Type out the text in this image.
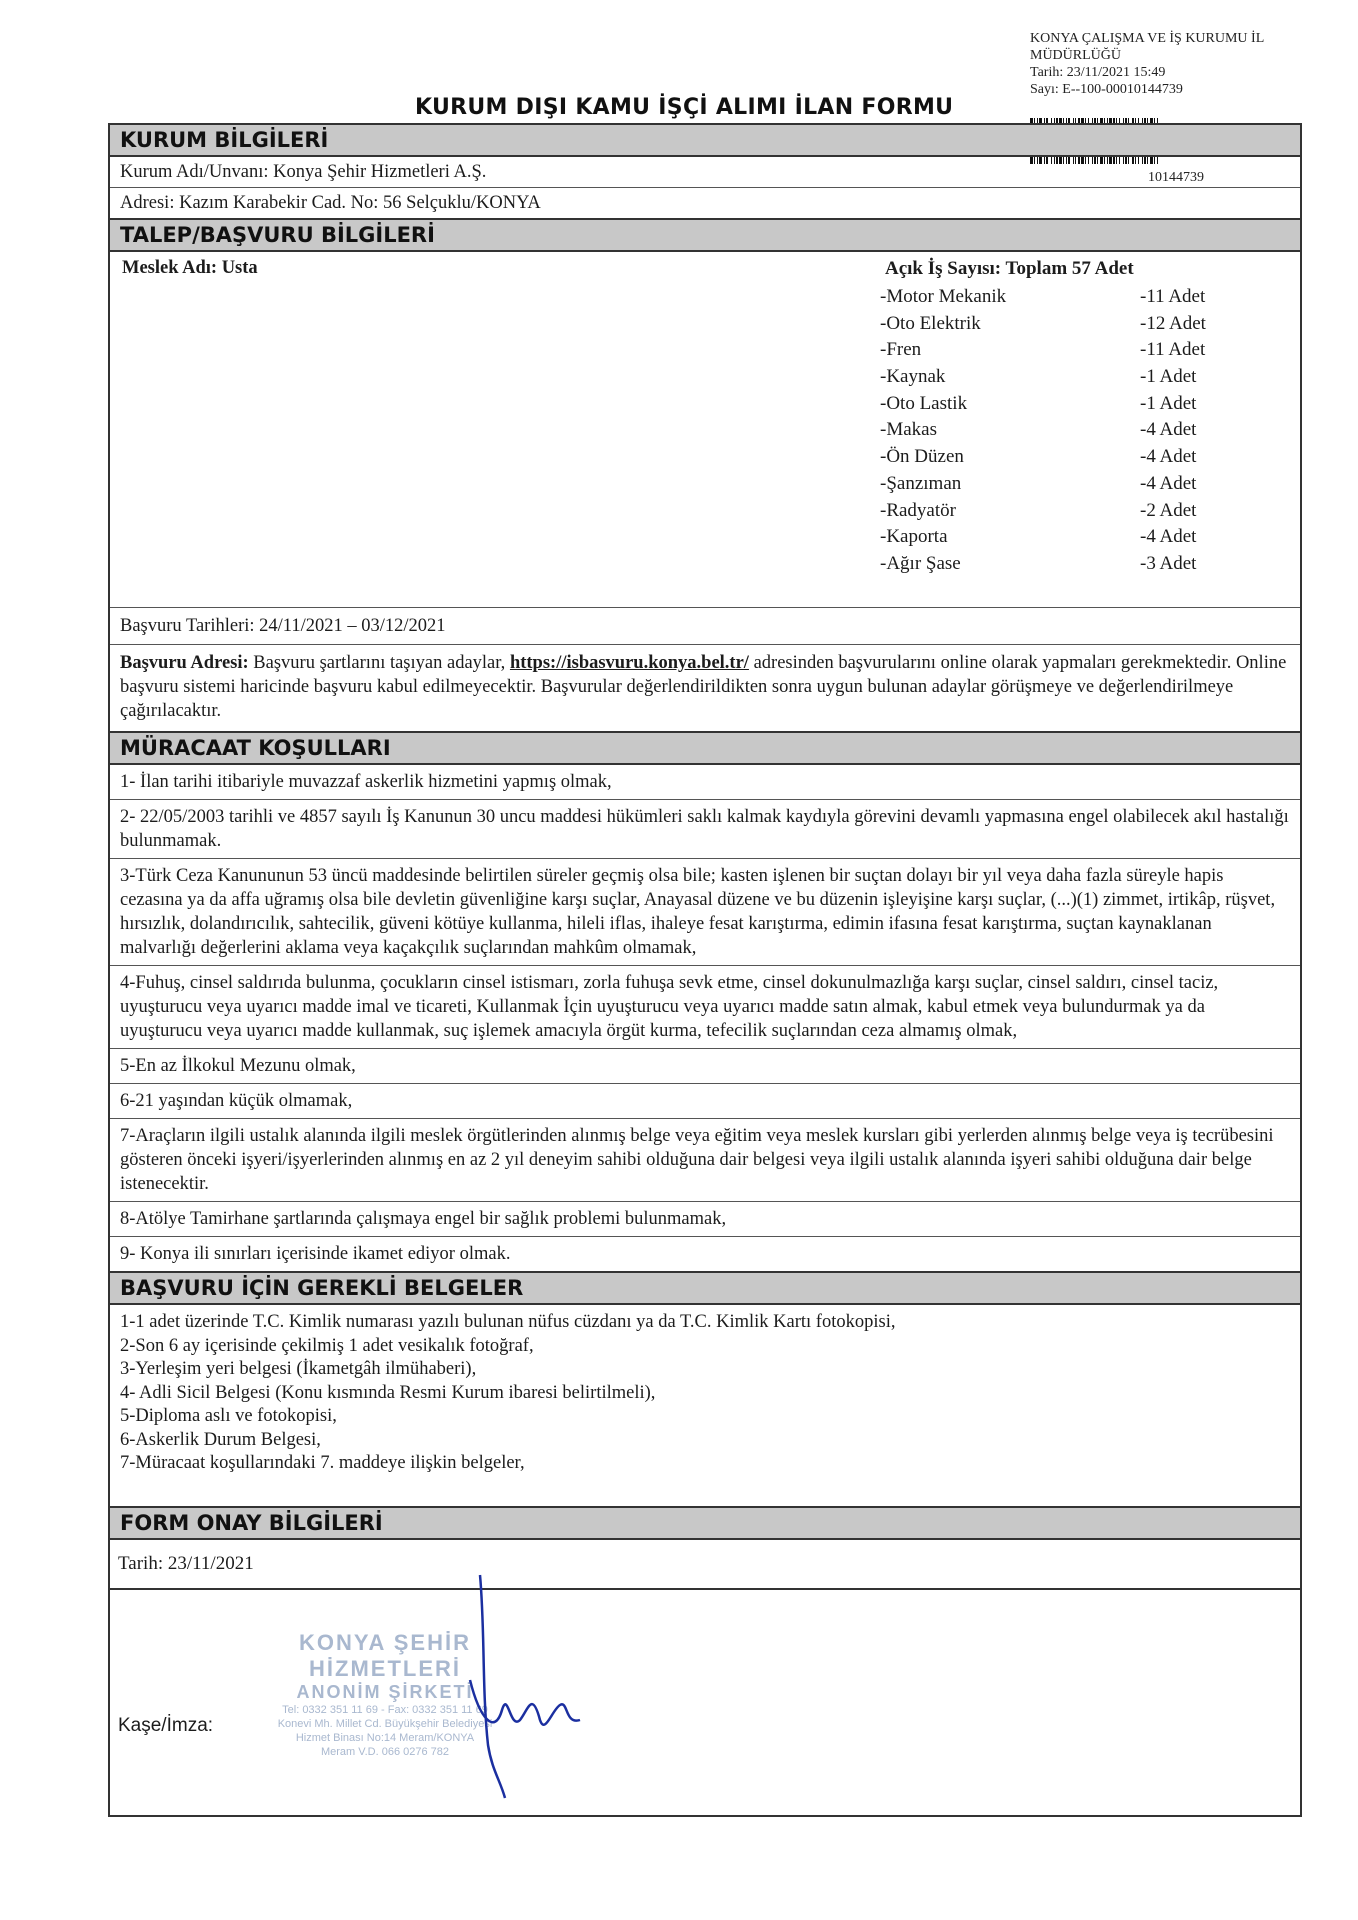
KONYA ÇALIŞMA VE İŞ KURUMU İL MÜDÜRLÜĞÜ
Tarih: 23/11/2021 15:49
Sayı: E--100-00010144739
10144739
KURUM DIŞI KAMU İŞÇİ ALIMI İLAN FORMU
KURUM BİLGİLERİ
Kurum Adı/Unvanı: Konya Şehir Hizmetleri A.Ş.
Adresi: Kazım Karabekir Cad. No: 56 Selçuklu/KONYA
TALEP/BAŞVURU BİLGİLERİ
Meslek Adı: Usta	Açık İş Sayısı: Toplam 57 Adet
-Motor Mekanik	-11 Adet
-Oto Elektrik	-12 Adet
-Fren	-11 Adet
-Kaynak	-1 Adet
-Oto Lastik	-1 Adet
-Makas	-4 Adet
-Ön Düzen	-4 Adet
-Şanzıman	-4 Adet
-Radyatör	-2 Adet
-Kaporta	-4 Adet
-Ağır Şase	-3 Adet
Başvuru Tarihleri: 24/11/2021 – 03/12/2021
Başvuru Adresi: Başvuru şartlarını taşıyan adaylar, https://isbasvuru.konya.bel.tr/ adresinden başvurularını online olarak yapmaları gerekmektedir. Online başvuru sistemi haricinde başvuru kabul edilmeyecektir. Başvurular değerlendirildikten sonra uygun bulunan adaylar görüşmeye ve değerlendirilmeye çağırılacaktır.
MÜRACAAT KOŞULLARI
1- İlan tarihi itibariyle muvazzaf askerlik hizmetini yapmış olmak,
2- 22/05/2003 tarihli ve 4857 sayılı İş Kanunun 30 uncu maddesi hükümleri saklı kalmak kaydıyla görevini devamlı yapmasına engel olabilecek akıl hastalığı bulunmamak.
3-Türk Ceza Kanununun 53 üncü maddesinde belirtilen süreler geçmiş olsa bile; kasten işlenen bir suçtan dolayı bir yıl veya daha fazla süreyle hapis cezasına ya da affa uğramış olsa bile devletin güvenliğine karşı suçlar, Anayasal düzene ve bu düzenin işleyişine karşı suçlar, (...)(1) zimmet, irtikâp, rüşvet, hırsızlık, dolandırıcılık, sahtecilik, güveni kötüye kullanma, hileli iflas, ihaleye fesat karıştırma, edimin ifasına fesat karıştırma, suçtan kaynaklanan malvarlığı değerlerini aklama veya kaçakçılık suçlarından mahkûm olmamak,
4-Fuhuş, cinsel saldırıda bulunma, çocukların cinsel istismarı, zorla fuhuşa sevk etme, cinsel dokunulmazlığa karşı suçlar, cinsel saldırı, cinsel taciz, uyuşturucu veya uyarıcı madde imal ve ticareti, Kullanmak İçin uyuşturucu veya uyarıcı madde satın almak, kabul etmek veya bulundurmak ya da uyuşturucu veya uyarıcı madde kullanmak, suç işlemek amacıyla örgüt kurma, tefecilik suçlarından ceza almamış olmak,
5-En az İlkokul Mezunu olmak,
6-21 yaşından küçük olmamak,
7-Araçların ilgili ustalık alanında ilgili meslek örgütlerinden alınmış belge veya eğitim veya meslek kursları gibi yerlerden alınmış belge veya iş tecrübesini gösteren önceki işyeri/işyerlerinden alınmış en az 2 yıl deneyim sahibi olduğuna dair belgesi veya ilgili ustalık alanında işyeri sahibi olduğuna dair belge istenecektir.
8-Atölye Tamirhane şartlarında çalışmaya engel bir sağlık problemi bulunmamak,
9- Konya ili sınırları içerisinde ikamet ediyor olmak.
BAŞVURU İÇİN GEREKLİ BELGELER
1-1 adet üzerinde T.C. Kimlik numarası yazılı bulunan nüfus cüzdanı ya da T.C. Kimlik Kartı fotokopisi,
2-Son 6 ay içerisinde çekilmiş 1 adet vesikalık fotoğraf,
3-Yerleşim yeri belgesi (İkametgâh ilmühaberi),
4- Adli Sicil Belgesi (Konu kısmında Resmi Kurum ibaresi belirtilmeli),
5-Diploma aslı ve fotokopisi,
6-Askerlik Durum Belgesi,
7-Müracaat koşullarındaki 7. maddeye ilişkin belgeler,
FORM ONAY BİLGİLERİ
Tarih: 23/11/2021
Kaşe/İmza:
KONYA ŞEHİR HİZMETLERİ
ANONİM ŞİRKETİ
Tel: 0332 351 11 69 - Fax: 0332 351 11 69
Konevi Mh. Millet Cd. Büyükşehir Belediyesi
Hizmet Binası No:14 Meram/KONYA
Meram V.D. 066 0276 782
